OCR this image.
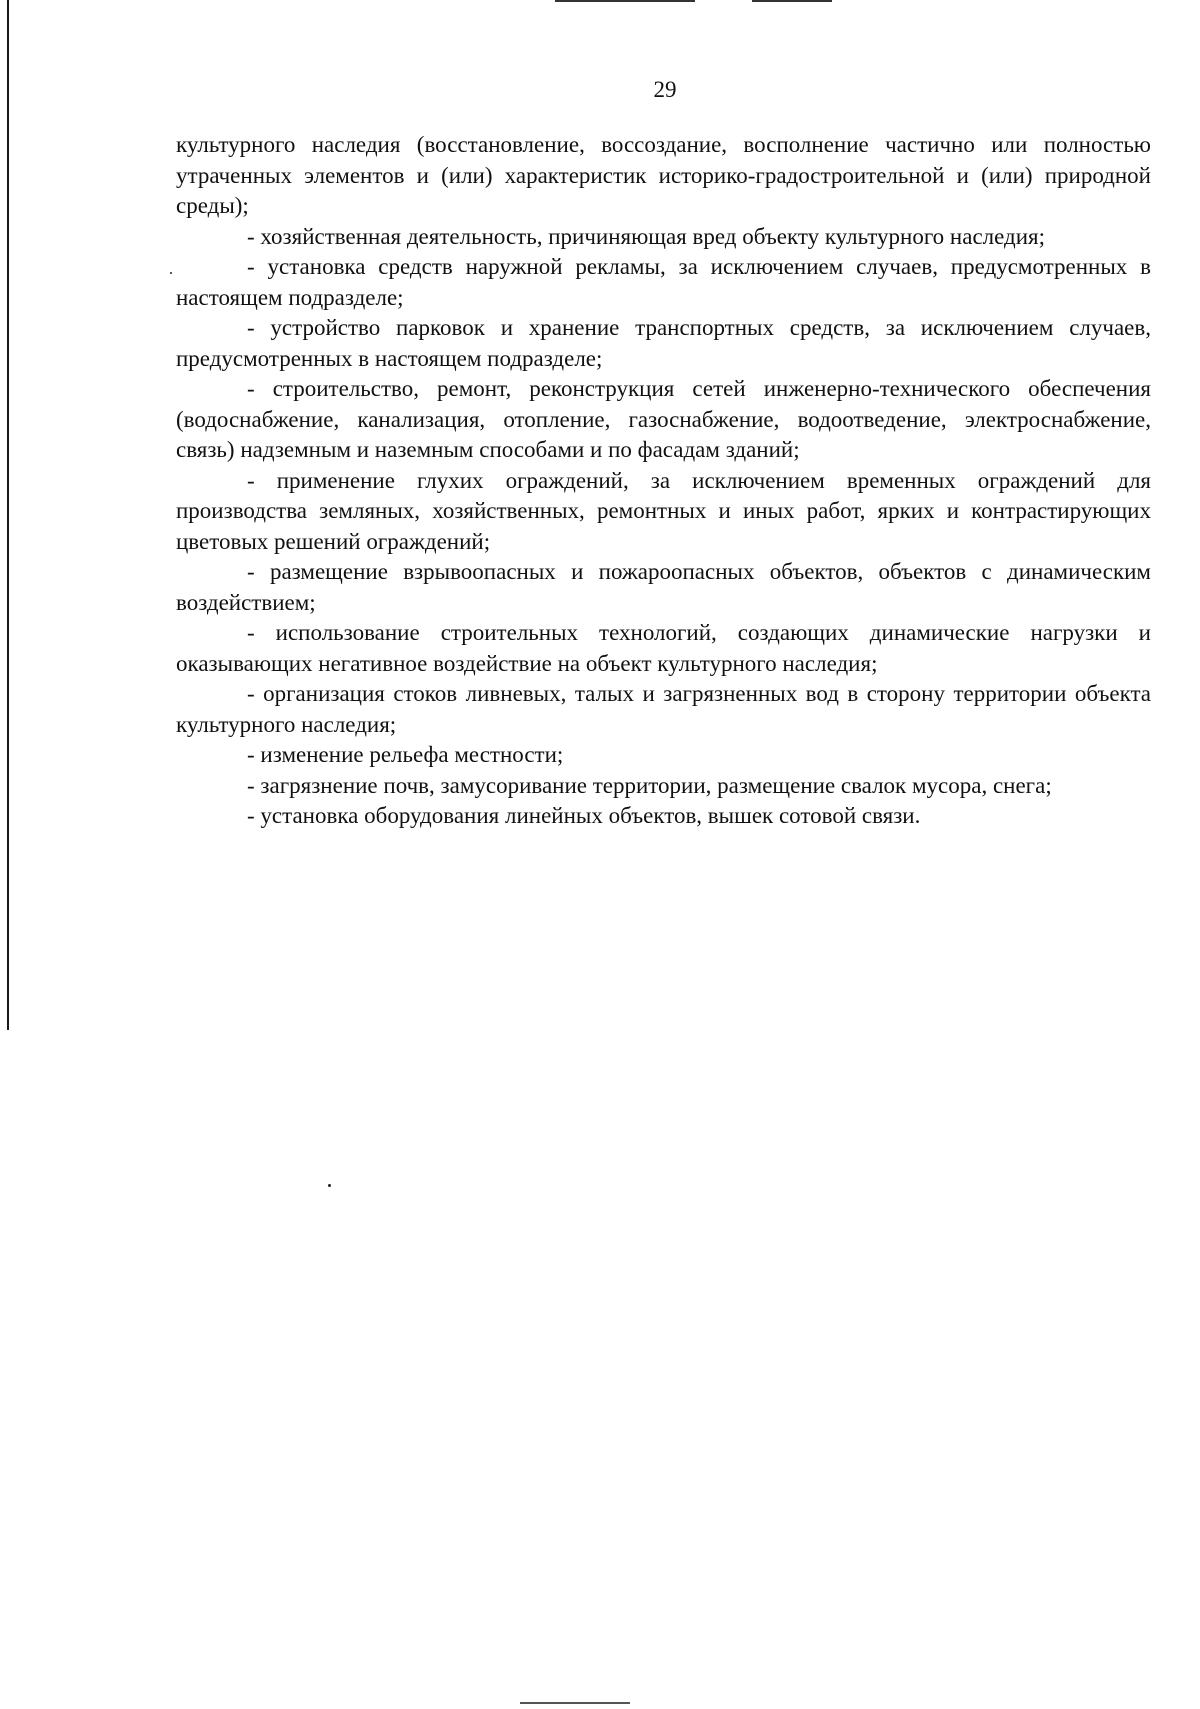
29

культурного наследия (восстановление, воссоздание, восполнение частично или полностью утраченных элементов и (или) характеристик историко-градостроительной и (или) природной среды);

- хозяйственная деятельность, причиняющая вред объекту культурного наследия;

- установка средств наружной рекламы, за исключением случаев, предусмотренных в настоящем подразделе;

- устройство парковок и хранение транспортных средств, за исключением случаев, предусмотренных в настоящем подразделе;

- строительство, ремонт, реконструкция сетей инженерно-технического обеспечения (водоснабжение, канализация, отопление, газоснабжение, водоотведение, электроснабжение, связь) надземным и наземным способами и по фасадам зданий;

- применение глухих ограждений, за исключением временных ограждений для производства земляных, хозяйственных, ремонтных и иных работ, ярких и контрастирующих цветовых решений ограждений;

- размещение взрывоопасных и пожароопасных объектов, объектов с динамическим воздействием;

- использование строительных технологий, создающих динамические нагрузки и оказывающих негативное воздействие на объект культурного наследия;

- организация стоков ливневых, талых и загрязненных вод в сторону территории объекта культурного наследия;

- изменение рельефа местности;

- загрязнение почв, замусоривание территории, размещение свалок мусора, снега;

- установка оборудования линейных объектов, вышек сотовой связи.
